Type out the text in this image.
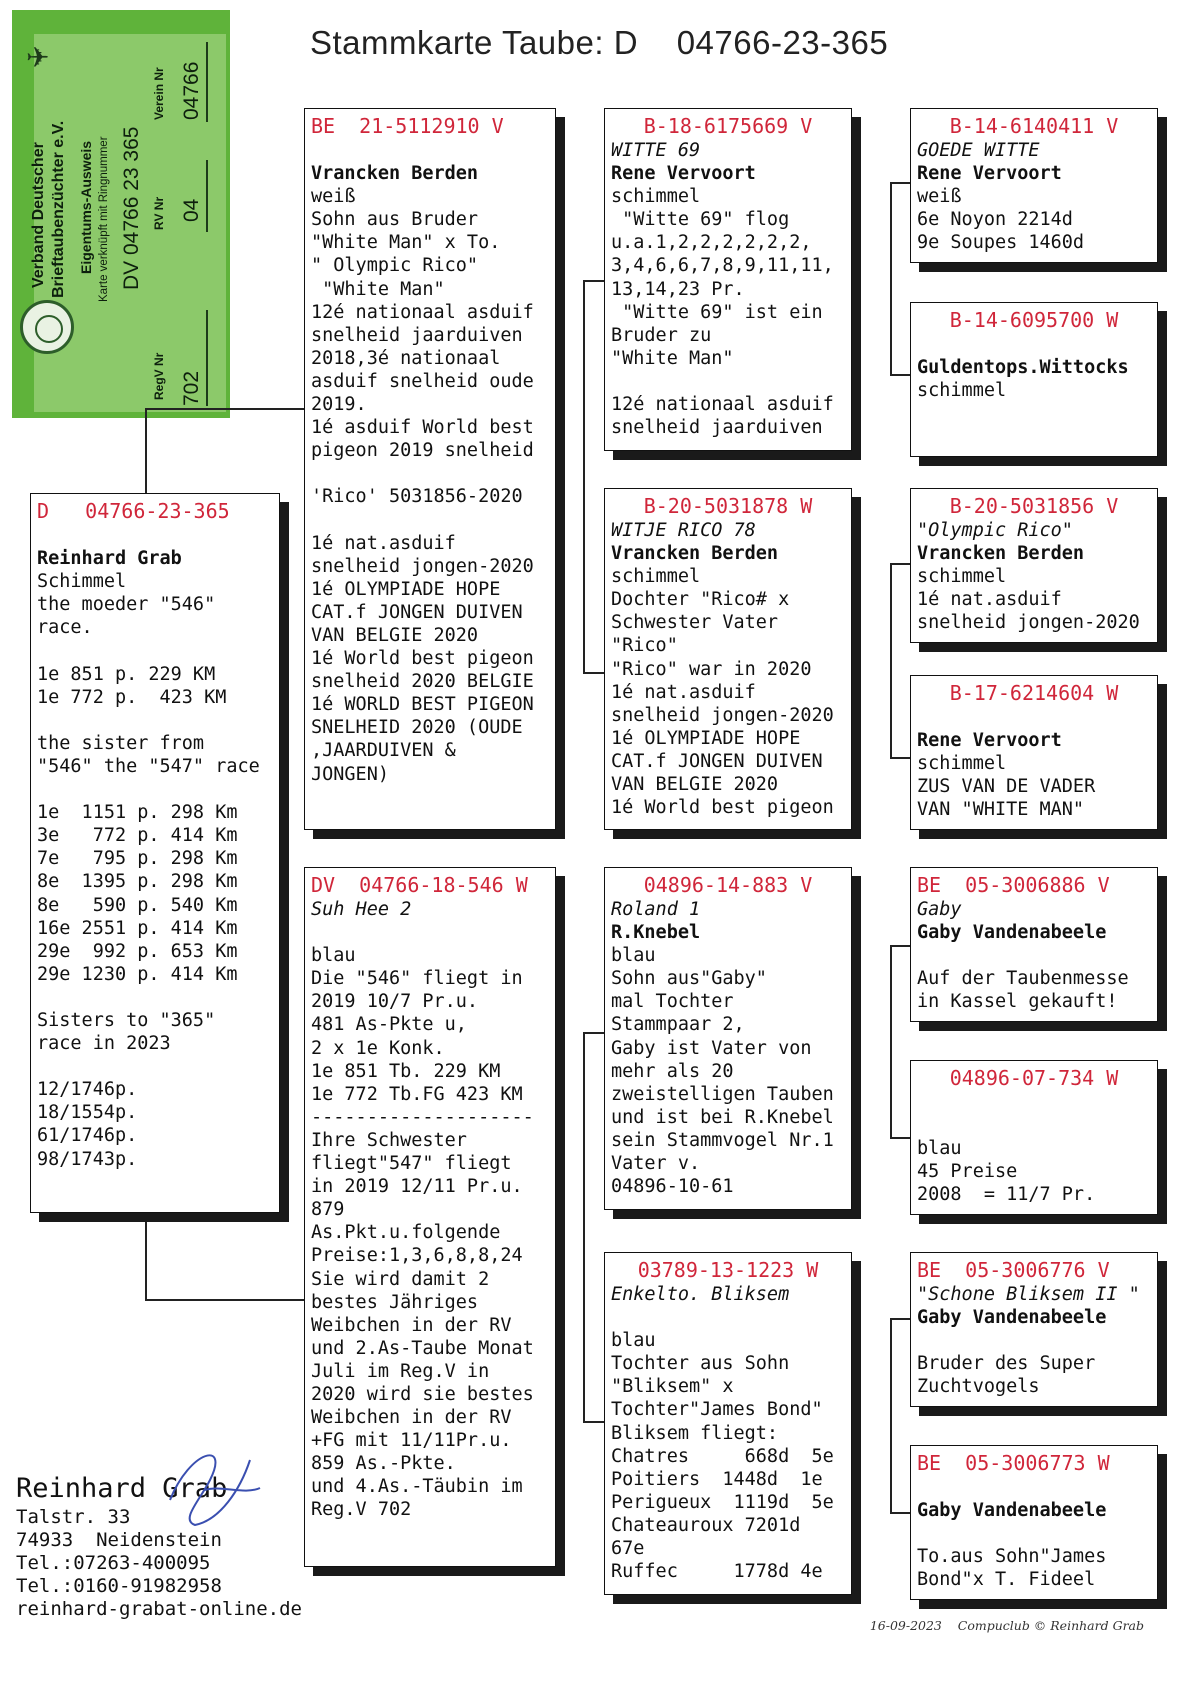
Stammkarte Taube: D    04766-23-365
✈
Verband Deutscher Brieftaubenzüchter e.V. Eigentums-Ausweis Karte verknüpft mit Ringnummer DV 04766 23 365
RegV Nr 702
RV Nr 04
Verein Nr 04766
D   04766-23-365

Reinhard Grab
Schimmel
the moeder "546"
race.

1e 851 p. 229 KM
1e 772 p.  423 KM

the sister from
"546" the "547" race

1e  1151 p. 298 Km
3e   772 p. 414 Km
7e   795 p. 298 Km
8e  1395 p. 298 Km
8e   590 p. 540 Km
16e 2551 p. 414 Km
29e  992 p. 653 Km
29e 1230 p. 414 Km

Sisters to "365"
race in 2023

12/1746p.
18/1554p.
61/1746p.
98/1743p.
BE  21-5112910 V

Vrancken Berden
weiß
Sohn aus Bruder
"White Man" x To.
" Olympic Rico"
"White Man"
12é nationaal asduif
snelheid jaarduiven
2018,3é nationaal
asduif snelheid oude
2019.
1é asduif World best
pigeon 2019 snelheid

'Rico' 5031856-2020

1é nat.asduif
snelheid jongen-2020
1é OLYMPIADE HOPE
CAT.f JONGEN DUIVEN
VAN BELGIE 2020
1é World best pigeon
snelheid 2020 BELGIE
1é WORLD BEST PIGEON
SNELHEID 2020 (OUDE
,JAARDUIVEN &
JONGEN)
DV  04766-18-546 W
Suh Hee 2

blau
Die "546" fliegt in
2019 10/7 Pr.u.
481 As-Pkte u,
2 x 1e Konk.
1e 851 Tb. 229 KM
1e 772 Tb.FG 423 KM
--------------------
Ihre Schwester
fliegt"547" fliegt
in 2019 12/11 Pr.u.
879
As.Pkt.u.folgende
Preise:1,3,6,8,8,24
Sie wird damit 2
bestes Jähriges
Weibchen in der RV
und 2.As-Taube Monat
Juli im Reg.V in
2020 wird sie bestes
Weibchen in der RV
+FG mit 11/11Pr.u.
859 As.-Pkte.
und 4.As.-Täubin im
Reg.V 702
B-18-6175669 V
WITTE 69
Rene Vervoort
schimmel
"Witte 69" flog
u.a.1,2,2,2,2,2,2,
3,4,6,6,7,8,9,11,11,
13,14,23 Pr.
"Witte 69" ist ein
Bruder zu
"White Man"

12é nationaal asduif
snelheid jaarduiven
B-20-5031878 W
WITJE RICO 78
Vrancken Berden
schimmel
Dochter "Rico# x
Schwester Vater
"Rico"
"Rico" war in 2020
1é nat.asduif
snelheid jongen-2020
1é OLYMPIADE HOPE
CAT.f JONGEN DUIVEN
VAN BELGIE 2020
1é World best pigeon
04896-14-883 V
Roland 1
R.Knebel
blau
Sohn aus"Gaby"
mal Tochter
Stammpaar 2,
Gaby ist Vater von
mehr als 20
zweistelligen Tauben
und ist bei R.Knebel
sein Stammvogel Nr.1
Vater v.
04896-10-61
03789-13-1223 W
Enkelto. Bliksem

blau
Tochter aus Sohn
"Bliksem" x
Tochter"James Bond"
Bliksem fliegt:
Chatres     668d  5e
Poitiers  1448d  1e
Perigueux  1119d  5e
Chateauroux 7201d
67e
Ruffec     1778d 4e
B-14-6140411 V
GOEDE WITTE
Rene Vervoort
weiß
6e Noyon 2214d
9e Soupes 1460d
B-14-6095700 W

Guldentops.Wittocks
schimmel
B-20-5031856 V
"Olympic Rico"
Vrancken Berden
schimmel
1é nat.asduif
snelheid jongen-2020
B-17-6214604 W

Rene Vervoort
schimmel
ZUS VAN DE VADER
VAN "WHITE MAN"
BE  05-3006886 V
Gaby
Gaby Vandenabeele

Auf der Taubenmesse
in Kassel gekauft!
04896-07-734 W

blau
45 Preise
2008  = 11/7 Pr.
BE  05-3006776 V
"Schone Bliksem II "
Gaby Vandenabeele

Bruder des Super
Zuchtvogels
BE  05-3006773 W

Gaby Vandenabeele

To.aus Sohn"James
Bond"x T. Fideel
Reinhard Grab
Talstr. 33
74933  Neidenstein
Tel.:07263-400095
Tel.:0160-91982958
reinhard-grabat-online.de
16-09-2023    Compuclub © Reinhard Grab
